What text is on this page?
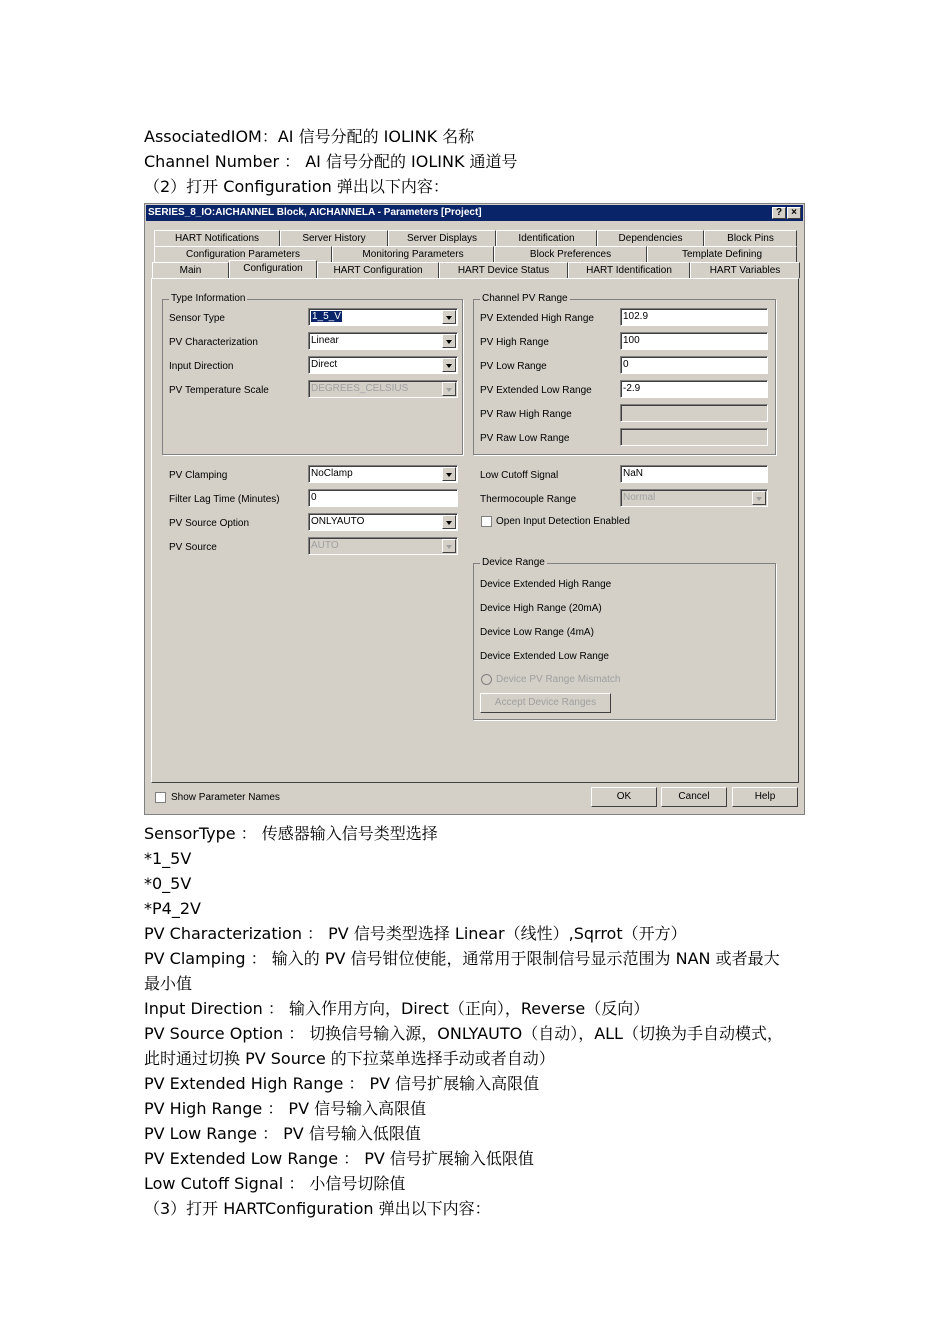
AssociatedIOM：AI 信号分配的 IOLINK 名称
Channel Number ： AI 信号分配的 IOLINK 通道号
（2）打开 Configuration 弹出以下内容：
SERIES_8_IO:AICHANNEL Block, AICHANNELA - Parameters [Project]	? ×
HART Notifications	Server History	Server Displays	Identification	Dependencies	Block Pins
Configuration Parameters	Monitoring Parameters	Block Preferences	Template Defining
Main	Configuration	HART Configuration	HART Device Status	HART Identification	HART Variables
Type Information
Sensor Type	1_5_V
PV Characterization	Linear
Input Direction	Direct
PV Temperature Scale	DEGREES_CELSIUS
Channel PV Range
PV Extended High Range	102.9
PV High Range	100
PV Low Range	0
PV Extended Low Range	-2.9
PV Raw High Range
PV Raw Low Range
PV Clamping	NoClamp
Filter Lag Time (Minutes)	0
PV Source Option	ONLYAUTO
PV Source	AUTO
Low Cutoff Signal	NaN
Thermocouple Range	Normal
Open Input Detection Enabled
Device Range
Device Extended High Range
Device High Range (20mA)
Device Low Range (4mA)
Device Extended Low Range
Device PV Range Mismatch
Accept Device Ranges
Show Parameter Names	OK	Cancel	Help
SensorType ： 传感器输入信号类型选择
*1_5V
*0_5V
*P4_2V
PV Characterization ： PV 信号类型选择 Linear（线性）,Sqrrot（开方）
PV Clamping ： 输入的 PV 信号钳位使能，通常用于限制信号显示范围为 NAN 或者最大
最小值
Input Direction ： 输入作用方向，Direct（正向），Reverse（反向）
PV Source Option ： 切换信号输入源，ONLYAUTO（自动），ALL（切换为手自动模式，
此时通过切换 PV Source 的下拉菜单选择手动或者自动）
PV Extended High Range ： PV 信号扩展输入高限值
PV High Range ： PV 信号输入高限值
PV Low Range ： PV 信号输入低限值
PV Extended Low Range ： PV 信号扩展输入低限值
Low Cutoff Signal ： 小信号切除值
（3）打开 HARTConfiguration 弹出以下内容：
